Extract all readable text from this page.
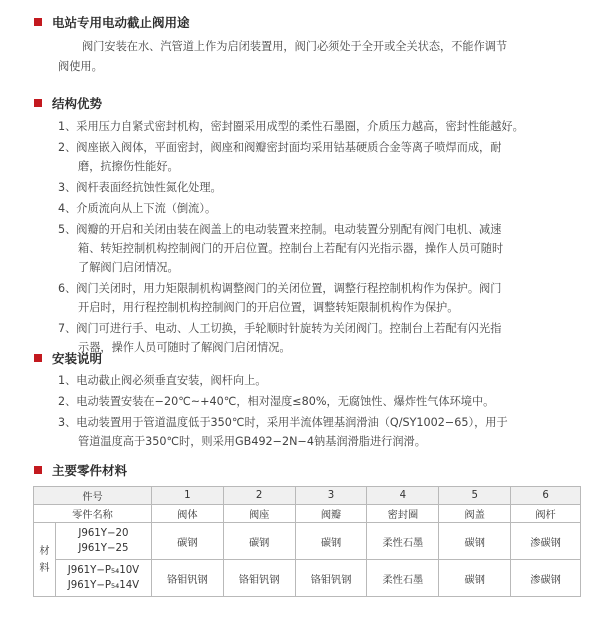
电站专用电动截止阀用途

阀门安装在水、汽管道上作为启闭装置用，阀门必须处于全开或全关状态，不能作调节

阀使用。

结构优势
1、采用压力自紧式密封机构，密封圈采用成型的柔性石墨圈，介质压力越高，密封性能越好。
2、阀座嵌入阀体，平面密封，阀座和阀瓣密封面均采用钴基硬质合金等离子喷焊而成，耐
磨，抗擦伤性能好。
3、阀杆表面经抗蚀性氮化处理。
4、介质流向从上下流（倒流）。
5、阀瓣的开启和关闭由装在阀盖上的电动装置来控制。电动装置分别配有阀门电机、减速
箱、转矩控制机构控制阀门的开启位置。控制台上若配有闪光指示器，操作人员可随时
了解阀门启闭情况。
6、阀门关闭时，用力矩限制机构调整阀门的关闭位置，调整行程控制机构作为保护。阀门
开启时，用行程控制机构控制阀门的开启位置，调整转矩限制机构作为保护。
7、阀门可进行手、电动、人工切换，手轮顺时针旋转为关闭阀门。控制台上若配有闪光指
示器，操作人员可随时了解阀门启闭情况。
安装说明
1、电动截止阀必须垂直安装，阀杆向上。
2、电动装置安装在−20℃~+40℃，相对湿度≤80%，无腐蚀性、爆炸性气体环境中。
3、电动装置用于管道温度低于350℃时，采用半流体锂基润滑油（Q/SY1002−65），用于
管道温度高于350℃时，则采用GB492−2N−4钠基润滑脂进行润滑。
主要零件材料
件号		1	2	3	4	5	6
零件名称		阀体	阀座	阀瓣	密封圈	阀盖	阀杆

材
料	J961Y−20
J961Y−25	碳钢	碳钢	碳钢	柔性石墨	碳钢	渗碳钢

	J961Y−P₅₄10V
J961Y−P₅₄14V	铬钼钒钢	铬钼钒钢	铬钼钒钢	柔性石墨	碳钢	渗碳钢
